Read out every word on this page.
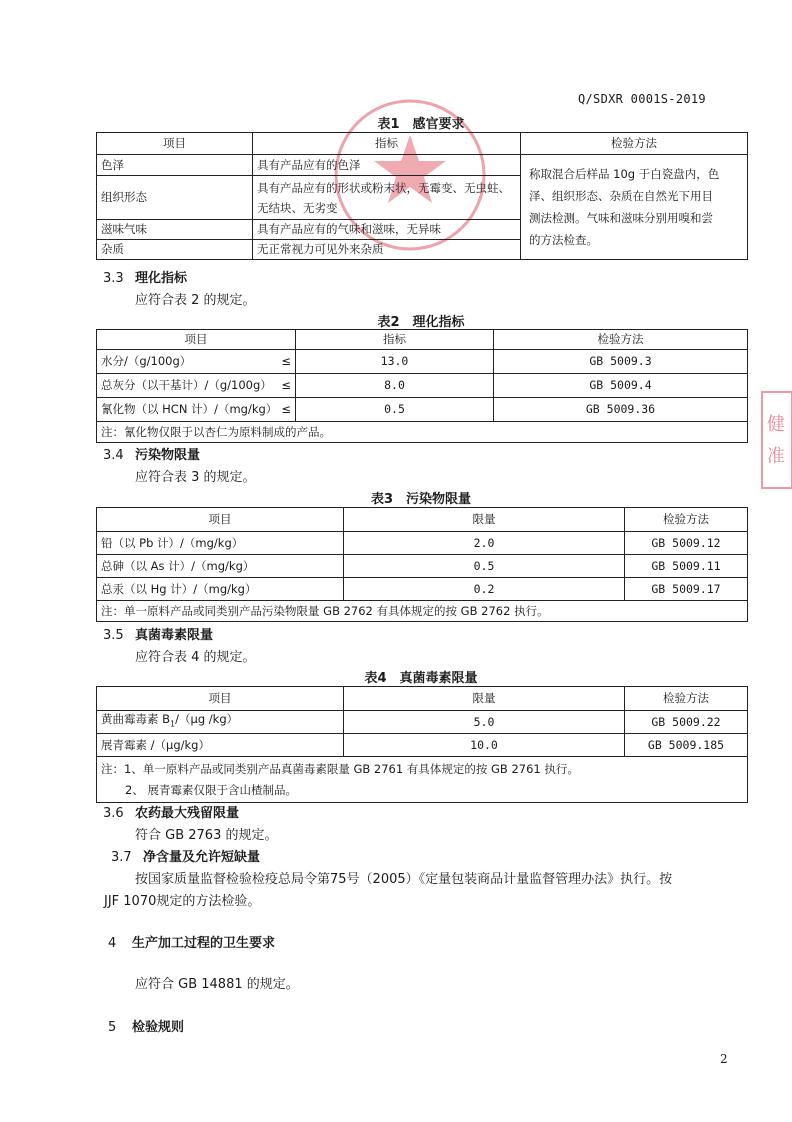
Q/SDXR 0001S-2019
健
准
表1　感官要求
项目	指标	检验方法
色泽	具有产品应有的色泽	称取混合后样品 10g 于白瓷盘内，色
泽、组织形态、杂质在自然光下用目
测法检测。气味和滋味分别用嗅和尝
的方法检查。

组织形态	具有产品应有的形状或粉末状，无霉变、无虫蛀、
无结块、无劣变	

滋味气味	具有产品应有的气味和滋味，无异味	
杂质	无正常视力可见外来杂质	
3.3 理化指标
应符合表 2 的规定。
表2　理化指标
项目	指标	检验方法
水分/（g/100g） ≤	13.0	GB 5009.3
总灰分（以干基计）/（g/100g） ≤	8.0	GB 5009.4
氰化物（以 HCN 计）/（mg/kg） ≤	0.5	GB 5009.36
注：氰化物仅限于以杏仁为原料制成的产品。		
3.4 污染物限量
应符合表 3 的规定。
表3　污染物限量
项目	限量	检验方法
铅（以 Pb 计）/（mg/kg）	2.0	GB 5009.12
总砷（以 As 计）/（mg/kg）	0.5	GB 5009.11
总汞（以 Hg 计）/（mg/kg）	0.2	GB 5009.17
注：单一原料产品或同类别产品污染物限量 GB 2762 有具体规定的按 GB 2762 执行。		
3.5 真菌毒素限量
应符合表 4 的规定。
表4　真菌毒素限量
项目	限量	检验方法
黄曲霉毒素 $B_1/(\mu g$ /kg）	5.0	GB 5009.22
展青霉素 /（μg/kg）	10.0	GB 5009.185

注：1、单一原料产品或同类别产品真菌毒素限量 GB 2761 有具体规定的按 GB 2761 执行。
2、 展青霉素仅限于含山楂制品。		
3.6 农药最大残留限量
符合 GB 2763 的规定。
3.7 净含量及允许短缺量
按国家质量监督检验检疫总局令第75号（2005）《定量包装商品计量监督管理办法》执行。按
JJF 1070规定的方法检验。
4 生产加工过程的卫生要求
应符合 GB 14881 的规定。
5 检验规则
2
